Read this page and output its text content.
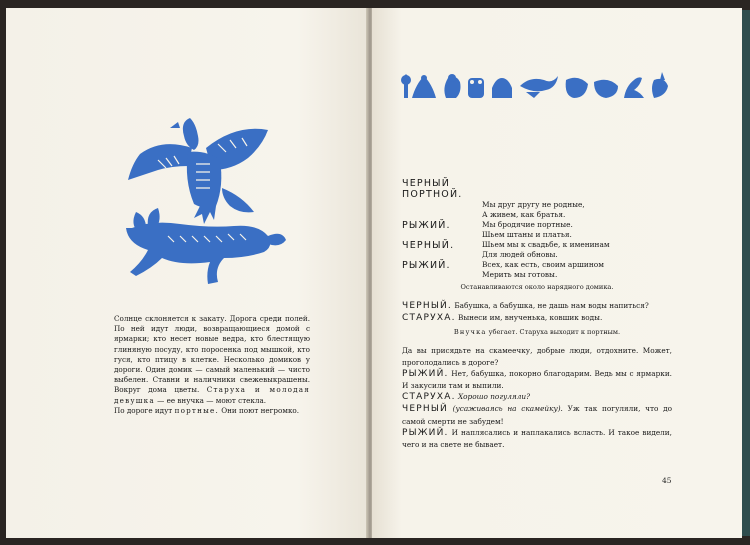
Солнце склоняется к закату. Дорога среди полей. По ней идут люди, возвращающиеся домой с ярмарки; кто несет новые ведра, кто блестящую глиняную посуду, кто поросенка под мышкой, кто гуся, кто птицу в клетке. Несколько домиков у дороги. Один домик — самый маленький — чисто выбелен. Ставни и наличники свежевыкрашены. Вокруг дома цветы. Старуха и молодая девушка — ее внучка — моют стекла.

По дороге идут портные. Они поют негромко.

ЧЕРНЫЙ ПОРТНОЙ.
Мы друг другу не родные,
А живем, как братья.
РЫЖИЙ.	Мы бродячие портные.
Шьем штаны и платья.
ЧЕРНЫЙ.	Шьем мы к свадьбе, к именинам
Для людей обновы.
РЫЖИЙ.	Всех, как есть, своим аршином
Мерить мы готовы.
Останавливаются около нарядного домика.
ЧЕРНЫЙ. Бабушка, а бабушка, не дашь нам воды напиться?
СТАРУХА. Вынеси им, внученька, ковшик воды.
Внучка убегает. Старуха выходит к портным.
Да вы присядьте на скамеечку, добрые люди, отдохните. Может, проголодались в дороге?
РЫЖИЙ. Нет, бабушка, покорно благодарим. Ведь мы с ярмарки. И закусили там и выпили.
СТАРУХА. Хорошо погуляли?
ЧЕРНЫЙ (усаживаясь на скамейку). Уж так погуляли, что до самой смерти не забудем!
РЫЖИЙ. И наплясались и наплакались всласть. И такое видели, чего и на свете не бывает.
45
